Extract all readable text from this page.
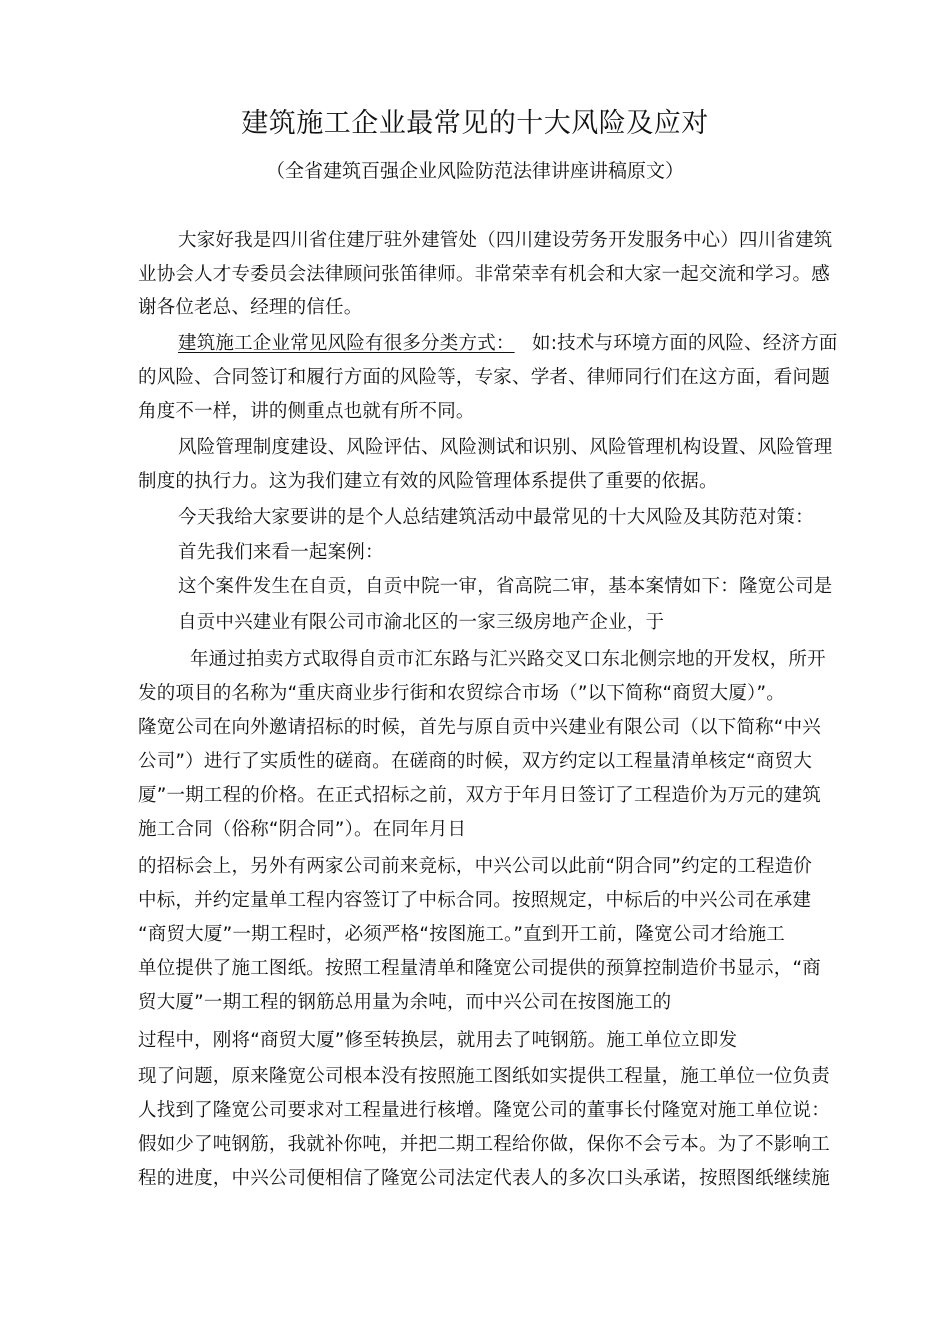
建筑施工企业最常见的十大风险及应对
（全省建筑百强企业风险防范法律讲座讲稿原文）
大家好我是四川省住建厅驻外建管处（四川建设劳务开发服务中心）四川省建筑
业协会人才专委员会法律顾问张笛律师。非常荣幸有机会和大家一起交流和学习。感
谢各位老总、经理的信任。
建筑施工企业常见风险有很多分类方式： 如:技术与环境方面的风险、经济方面
的风险、合同签订和履行方面的风险等，专家、学者、律师同行们在这方面，看问题
角度不一样，讲的侧重点也就有所不同。
风险管理制度建设、风险评估、风险测试和识别、风险管理机构设置、风险管理
制度的执行力。这为我们建立有效的风险管理体系提供了重要的依据。
今天我给大家要讲的是个人总结建筑活动中最常见的十大风险及其防范对策：
首先我们来看一起案例：
这个案件发生在自贡，自贡中院一审，省高院二审，基本案情如下：隆宽公司是
自贡中兴建业有限公司市渝北区的一家三级房地产企业，于
年通过拍卖方式取得自贡市汇东路与汇兴路交叉口东北侧宗地的开发权，所开
发的项目的名称为“重庆商业步行街和农贸综合市场（”以下简称“商贸大厦）”。
隆宽公司在向外邀请招标的时候，首先与原自贡中兴建业有限公司（以下简称“中兴
公司”）进行了实质性的磋商。在磋商的时候，双方约定以工程量清单核定“商贸大
厦”一期工程的价格。在正式招标之前，双方于年月日签订了工程造价为万元的建筑
施工合同（俗称“阴合同”）。在同年月日
的招标会上，另外有两家公司前来竞标，中兴公司以此前“阴合同”约定的工程造价
中标，并约定量单工程内容签订了中标合同。按照规定，中标后的中兴公司在承建
“商贸大厦”一期工程时，必须严格“按图施工。”直到开工前，隆宽公司才给施工
单位提供了施工图纸。按照工程量清单和隆宽公司提供的预算控制造价书显示，“商
贸大厦”一期工程的钢筋总用量为余吨，而中兴公司在按图施工的
过程中，刚将“商贸大厦”修至转换层，就用去了吨钢筋。施工单位立即发
现了问题，原来隆宽公司根本没有按照施工图纸如实提供工程量，施工单位一位负责
人找到了隆宽公司要求对工程量进行核增。隆宽公司的董事长付隆宽对施工单位说：
假如少了吨钢筋，我就补你吨，并把二期工程给你做，保你不会亏本。为了不影响工
程的进度，中兴公司便相信了隆宽公司法定代表人的多次口头承诺，按照图纸继续施
